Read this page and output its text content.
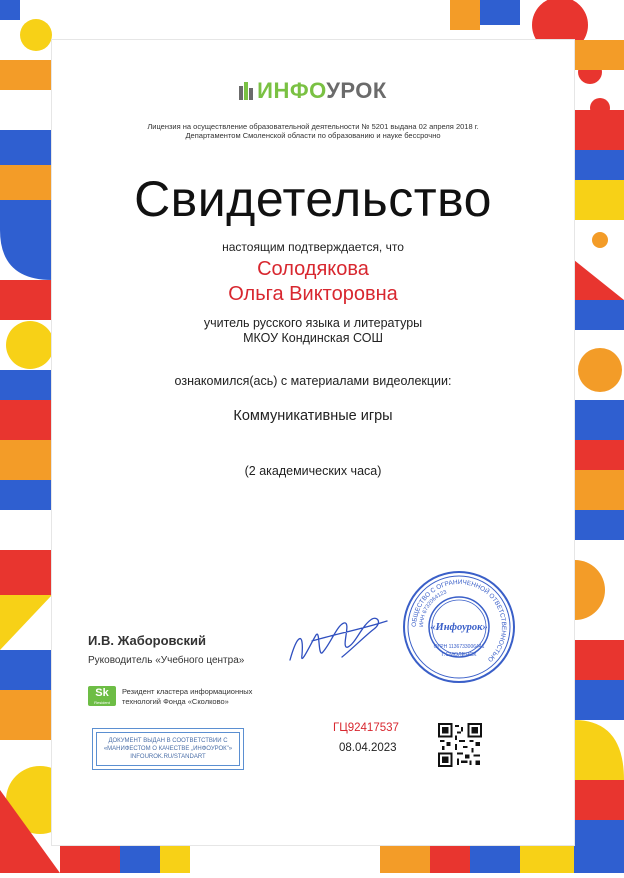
ИНФОУРОК
Лицензия на осуществление образовательной деятельности № 5201 выдана 02 апреля 2018 г.
Департаментом Смоленской области по образованию и науке бессрочно
Свидетельство
настоящим подтверждается, что
Солодякова
Ольга Викторовна
учитель русского языка и литературы
МКОУ Кондинская СОШ
ознакомился(ась) с материалами видеолекции:
Коммуникативные игры
(2 академических часа)
ОБЩЕСТВО С ОГРАНИЧЕННОЙ ОТВЕТСТВЕННОСТЬЮ
ИНН 6732064123
«Инфоурок»
ОГРН 1136733006441
Г.СМОЛЕНСК
И.В. Жаборовский
Руководитель «Учебного центра»
Sk
Resident
Резидент кластера информационных
технологий Фонда «Сколково»
ДОКУМЕНТ ВЫДАН В СООТВЕТСТВИИ С
«МАНИФЕСТОМ О КАЧЕСТВЕ „ИНФОУРОК"»
INFOUROK.RU/STANDART
ГЦ92417537
08.04.2023
